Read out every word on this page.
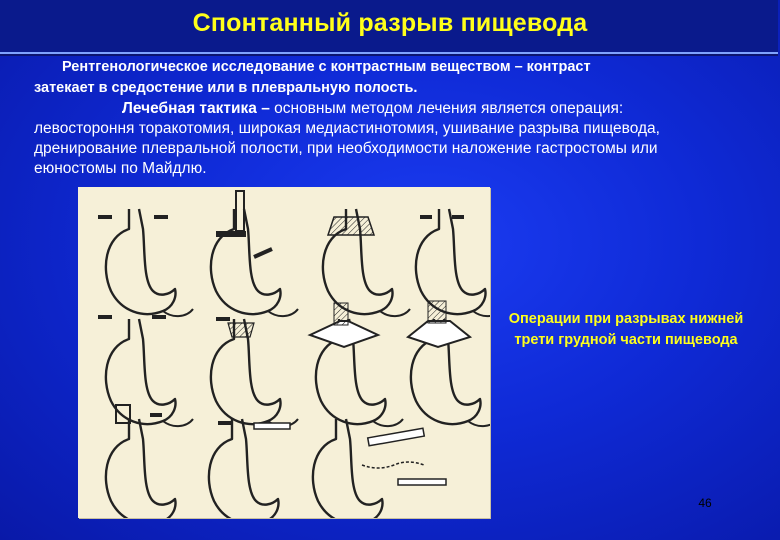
Спонтанный разрыв пищевода
Рентгенологическое исследование с контрастным веществом – контраст
затекает в средостение или в плевральную полость.
Лечебная тактика – основным методом лечения является операция:
левостороння торакотомия, широкая медиастинотомия, ушивание разрыва пищевода,
дренирование плевральной полости, при необходимости наложение гастростомы или
еюностомы по Майдлю.
Операции при разрывах нижней трети грудной части пищевода
46
